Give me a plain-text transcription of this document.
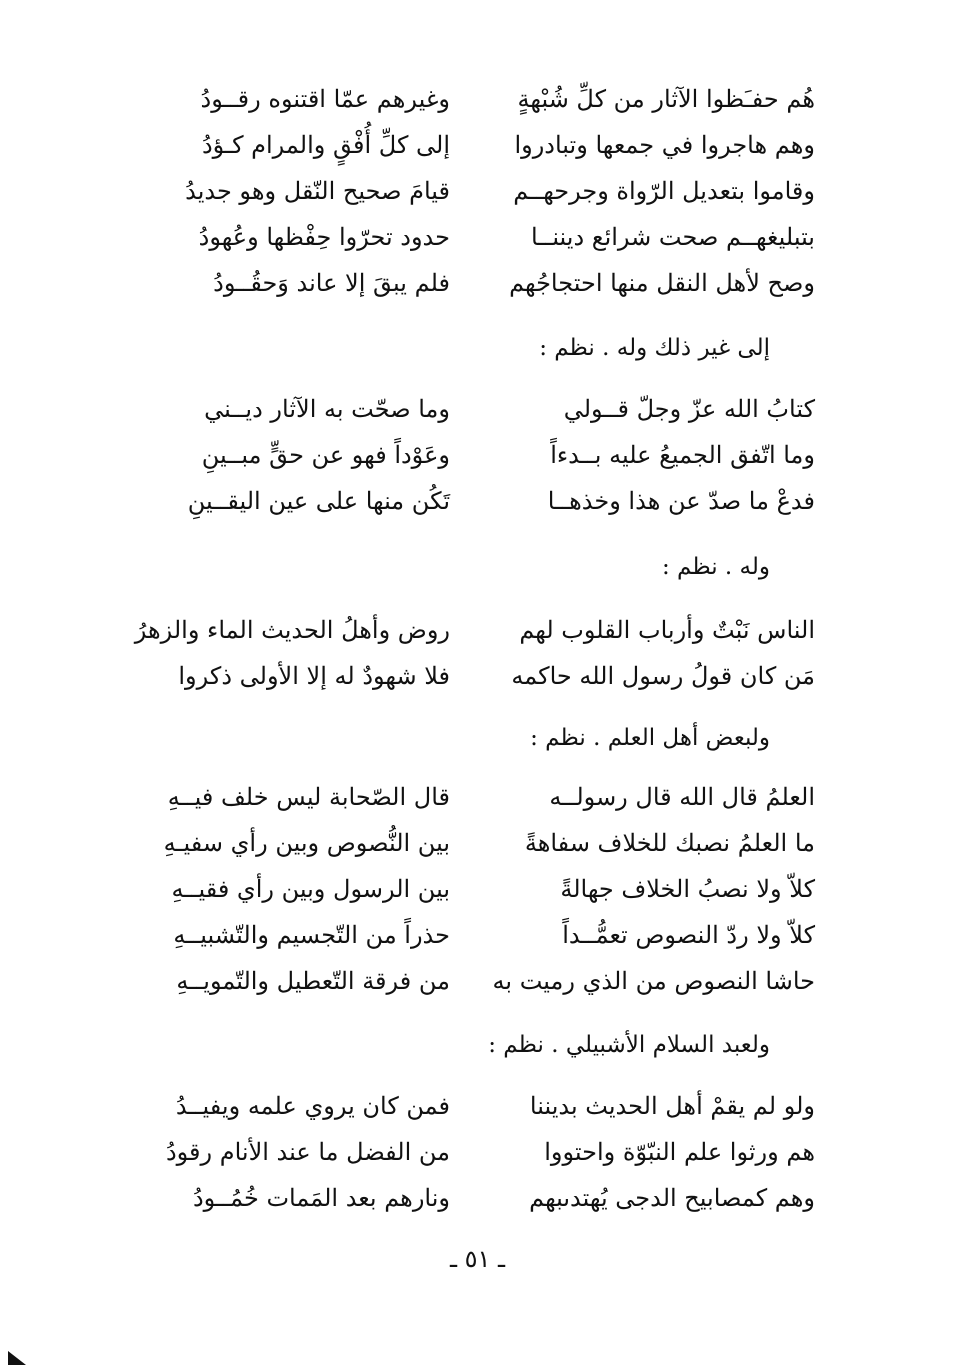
هُم حفـَظوا الآثار من كلِّ شُبْهةٍ
وغيرهم عمّا اقتنوه رقــودُ
وهم هاجروا في جمعها وتبادروا
إلى كلِّ أُفْقٍ والمرام كـؤدُ
وقاموا بتعديل الرّواة وجرحهــم
قيامَ صحيح النّقل وهو جديدُ
بتبليغهــم صحت شرائع ديننــا
حدود تحرّوا حِفْظها وعُهودُ
وصح لأهل النقل منها احتجاجُهم
فلم يبقَ إلا عاند وَحقُــودُ
إلى غير ذلك وله . نظم :
كتابُ الله عزّ وجلّ قــولي
وما صحّت به الآثار ديــني
وما اتّفق الجميعُ عليه بــدءاً
وعَوْداً فهو عن حقٍّ مبــينِ
فدعْ ما صدّ عن هذا وخذهــا
تَكُن منها على عين اليقــينِ
وله . نظم :
الناس نَبْتٌ وأرباب القلوب لهم
روض وأهلُ الحديث الماء والزهرُ
مَن كان قولُ رسول الله حاكمه
فلا شهودٌ له إلا الأولى ذكروا
ولبعض أهل العلم . نظم :
العلمُ قال الله قال رسولــه
قال الصّحابة ليس خلف فيــهِ
ما العلمُ نصبك للخلاف سفاهةً
بين النُّصوص وبين رأي سفيـهِ
كلاّ ولا نصبُ الخلاف جهالةً
بين الرسول وبين رأي فقيــهِ
كلاّ ولا ردّ النصوص تعمُّــداً
حذراً من التّجسيم والتّشبيــهِ
حاشا النصوص من الذي رميت به
من فرقة التّعطيل والتّمويــهِ
ولعبد السلام الأشبيلي . نظم :
ولو لم يقمْ أهل الحديث بديننا
فمن كان يروي علمه ويفيــدُ
هم ورثوا علم النبّوّة واحتووا
من الفضل ما عند الأنام رقودُ
وهم كمصابيح الدجى يُهتدىبهم
ونارهم بعد المَمات خُمُــودُ
ـ ٥١ ـ
